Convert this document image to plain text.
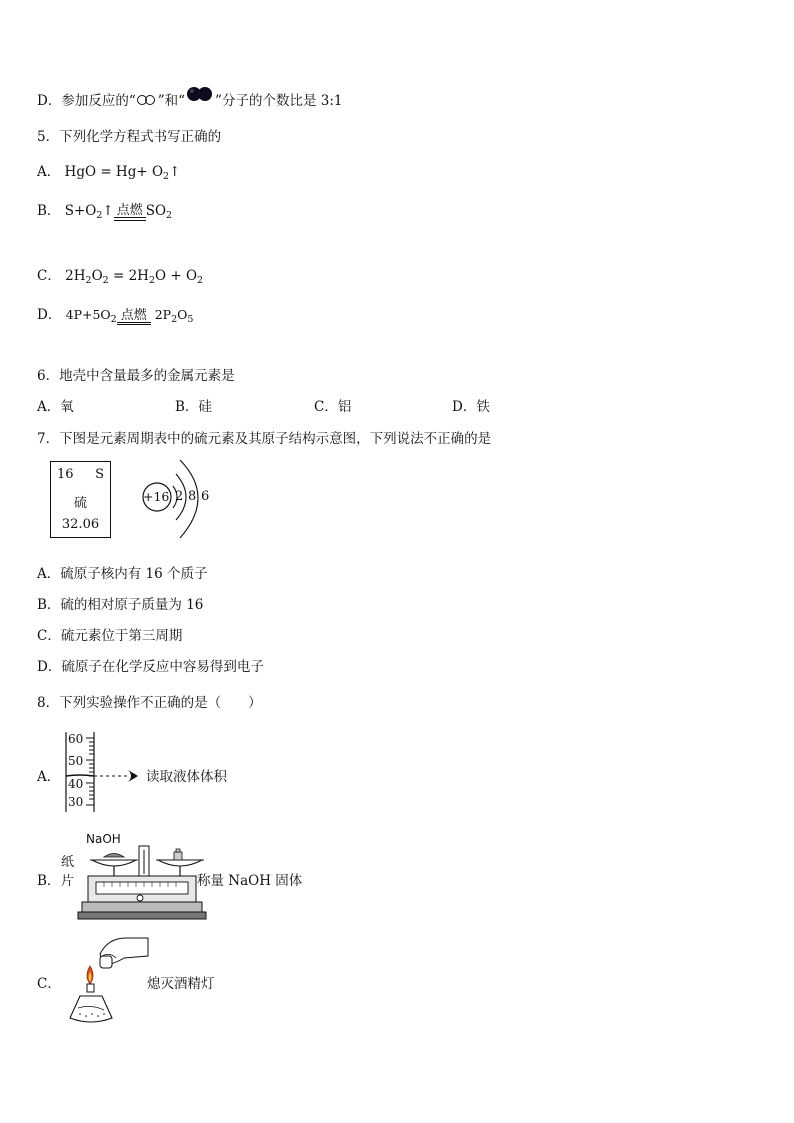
D．参加反应的“ ”和“ ”分子的个数比是 3:1
5．下列化学方程式书写正确的
A． HgO = $Hg+ O_2↑$
B． $S+O_2↑$ 点燃 $SO_2$
C． $2H_2O_2 = 2H_2O + O_2$
D． $4P+5O_2$ 点燃 $2P_2O_5$
6．地壳中含量最多的金属元素是
A．氧	B．硅	C．铝	D．铁
7．下图是元素周期表中的硫元素及其原子结构示意图，下列说法不正确的是
16 S
硫
32.06
+16 2 8 6
A．硫原子核内有 16 个质子
B．硫的相对原子质量为 16
C．硫元素位于第三周期
D．硫原子在化学反应中容易得到电子
8．下列实验操作不正确的是（　　）
A．
60
50
40
30
读取液体体积
B．
NaOH
纸片	称量 NaOH 固体
C．	熄灭酒精灯
